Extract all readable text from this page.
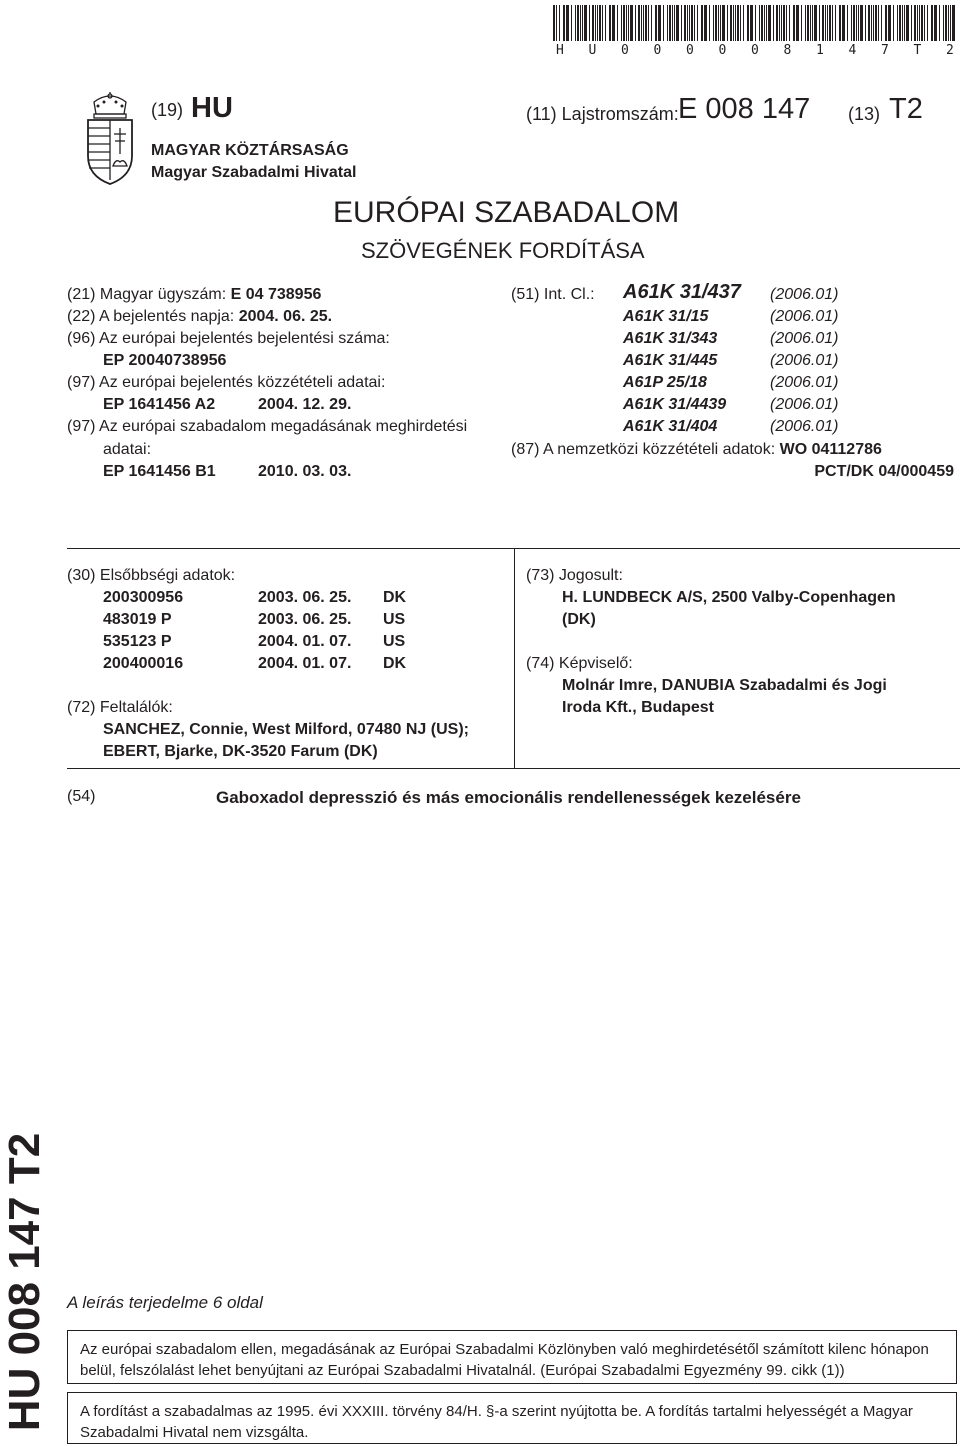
H U 0 0 0 0 0 8 1 4 7 T 2
(19) HU
MAGYAR KÖZTÁRSASÁG
Magyar Szabadalmi Hivatal
(11) Lajstromszám: E 008 147 (13) T2
EURÓPAI SZABADALOM
SZÖVEGÉNEK FORDÍTÁSA
(21) Magyar ügyszám: E 04 738956
(22) A bejelentés napja: 2004. 06. 25.
(96) Az európai bejelentés bejelentési száma:
EP 20040738956
(97) Az európai bejelentés közzétételi adatai:
EP 1641456 A2	2004. 12. 29.
(97) Az európai szabadalom megadásának meghirdetési
adatai:
EP 1641456 B1	2010. 03. 03.
(51) Int. Cl.: A61K 31/437 (2006.01)
A61K 31/15	(2006.01)
A61K 31/343	(2006.01)
A61K 31/445	(2006.01)
A61P 25/18	(2006.01)
A61K 31/4439	(2006.01)
A61K 31/404	(2006.01)
(87) A nemzetközi közzétételi adatok: WO 04112786
PCT/DK 04/000459
(30) Elsőbbségi adatok:
200300956	2003. 06. 25. DK
483019 P	2003. 06. 25. US
535123 P	2004. 01. 07. US
200400016	2004. 01. 07. DK
(72) Feltalálók:
SANCHEZ, Connie, West Milford, 07480 NJ (US);
EBERT, Bjarke, DK-3520 Farum (DK)
(73) Jogosult:
H. LUNDBECK A/S, 2500 Valby-Copenhagen
(DK)
(74) Képviselő:
Molnár Imre, DANUBIA Szabadalmi és Jogi
Iroda Kft., Budapest
(54)	Gaboxadol depresszió és más emocionális rendellenességek kezelésére
HU 008 147 T2 A leírás terjedelme 6 oldal
Az európai szabadalom ellen, megadásának az Európai Szabadalmi Közlönyben való meghirdetésétől számított kilenc hónapon belül, felszólalást lehet benyújtani az Európai Szabadalmi Hivatalnál. (Európai Szabadalmi Egyezmény 99. cikk (1))
A fordítást a szabadalmas az 1995. évi XXXIII. törvény 84/H. §-a szerint nyújtotta be. A fordítás tartalmi helyességét a Magyar Szabadalmi Hivatal nem vizsgálta.
